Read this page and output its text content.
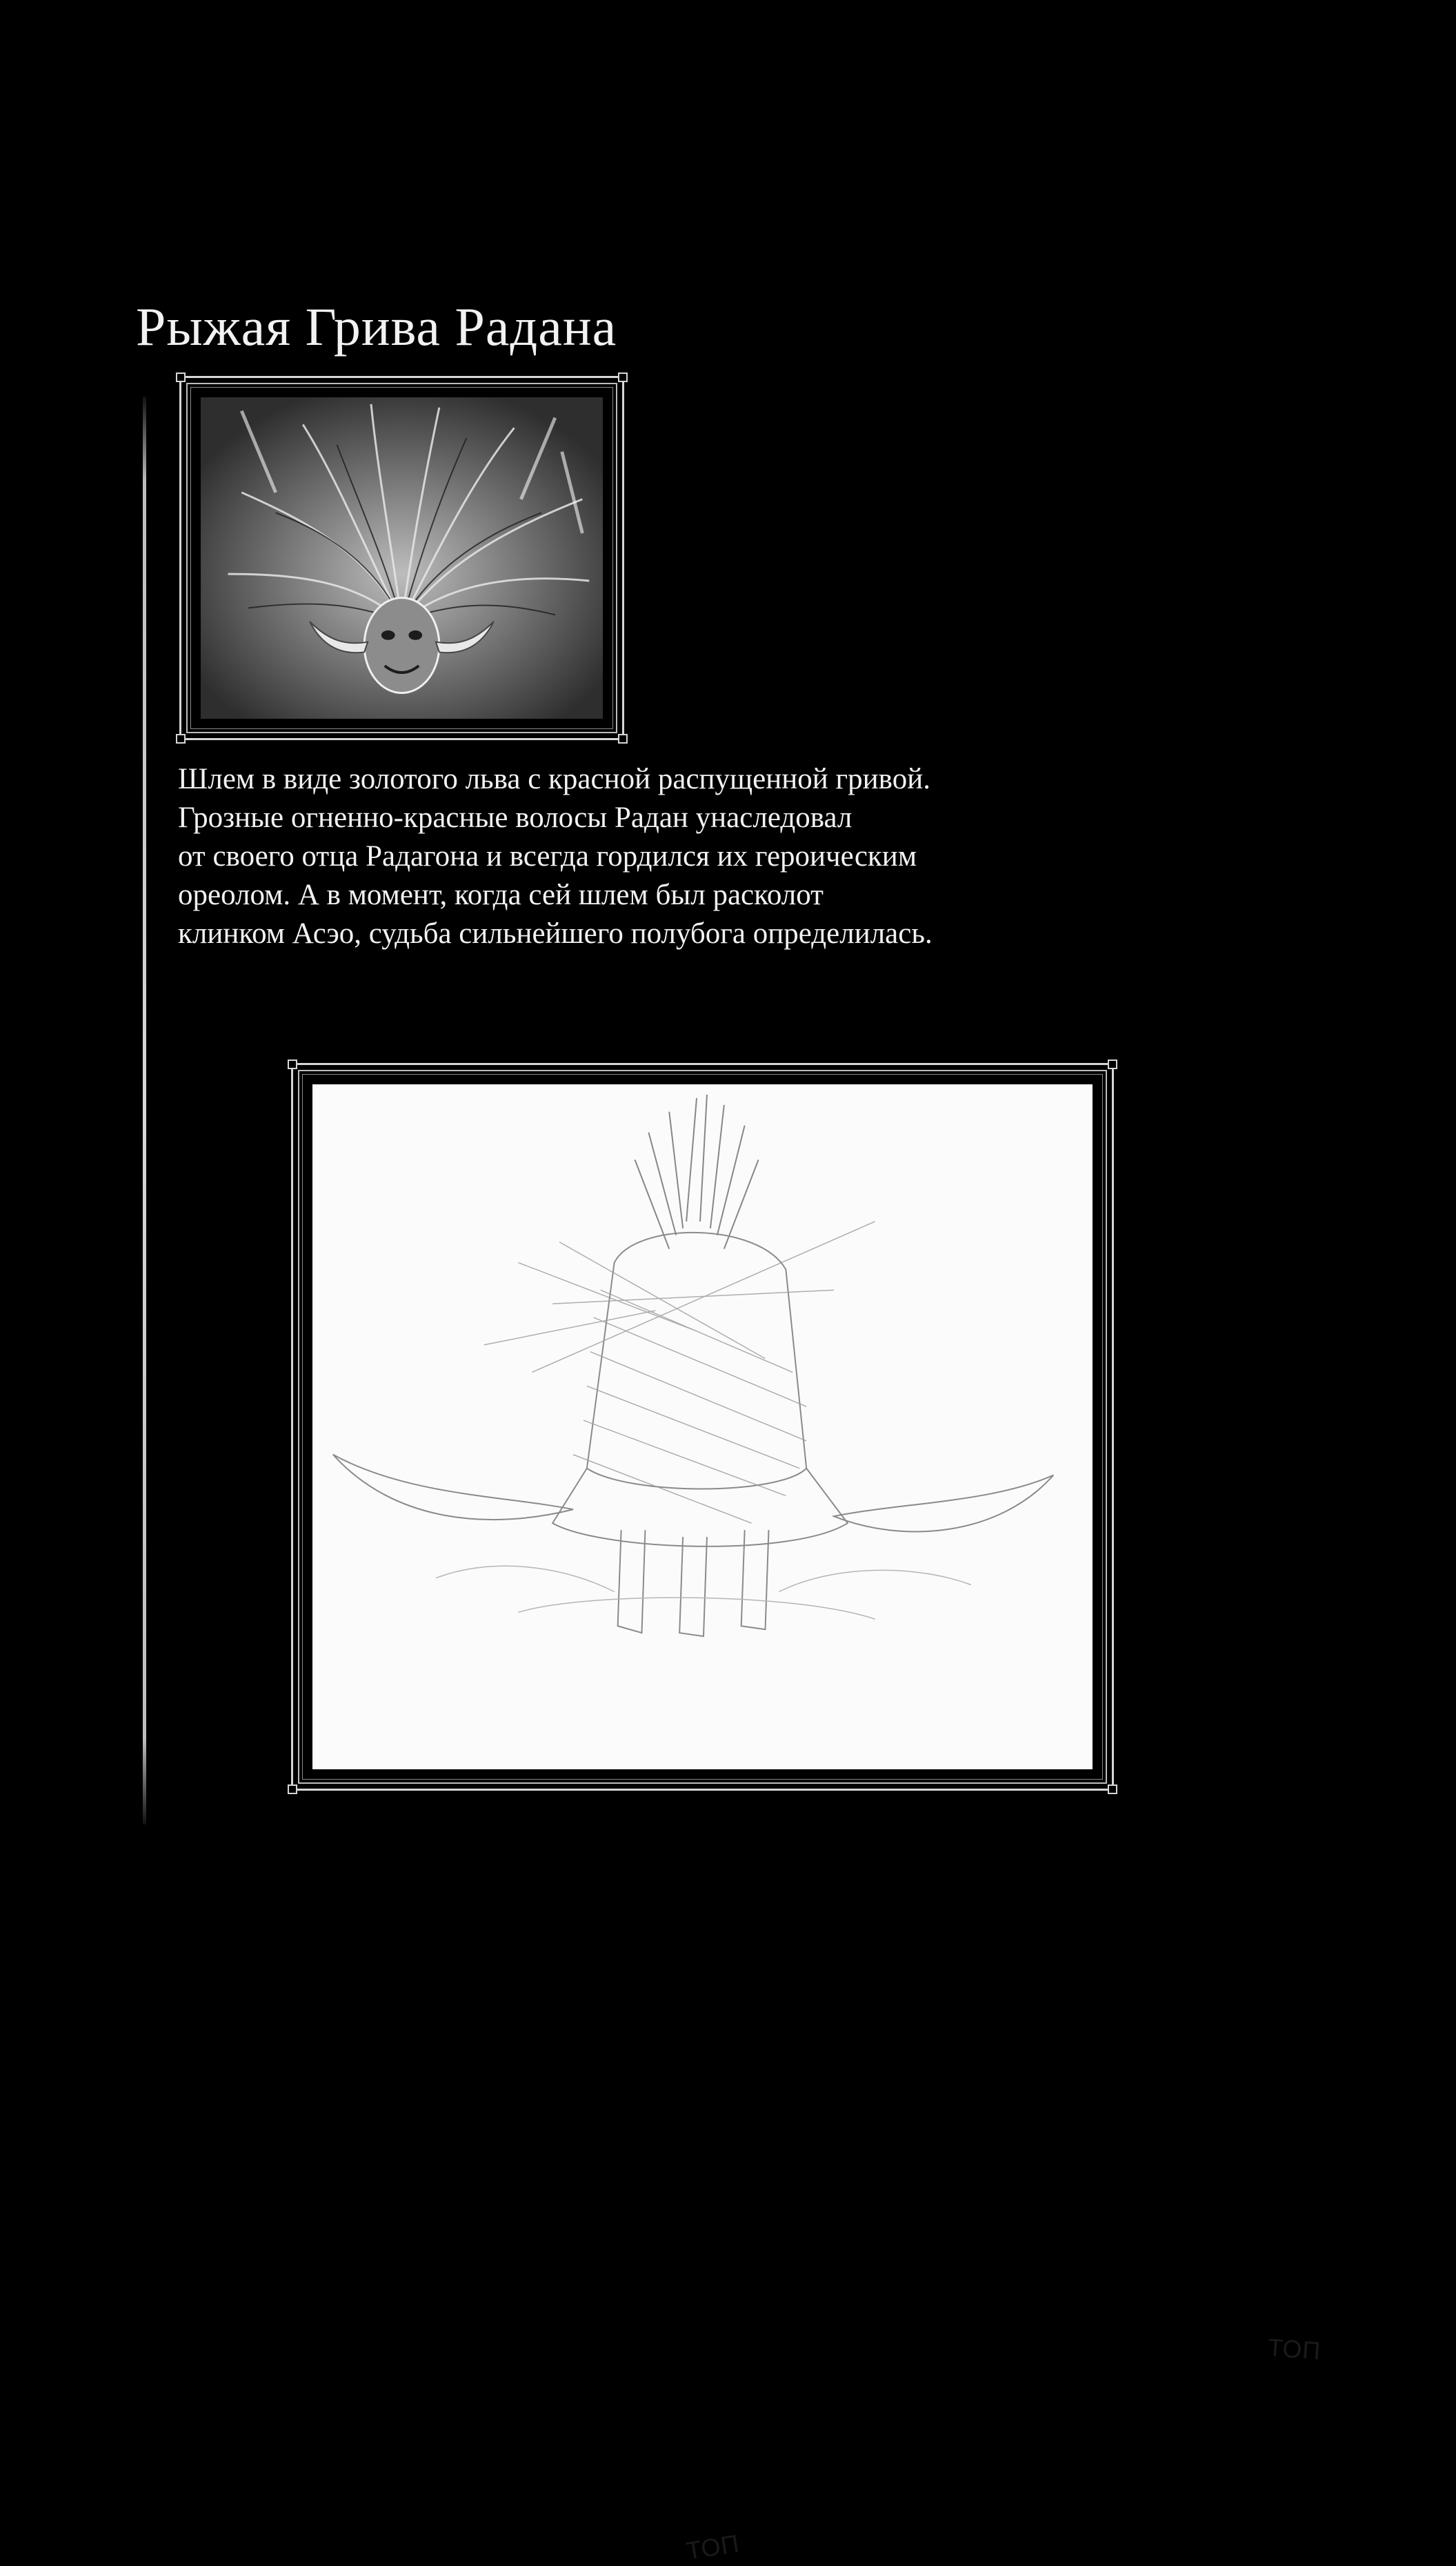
Рыжая Грива Радана
Шлем в виде золотого льва с красной распущенной гривой.
Грозные огненно-красные волосы Радан унаследовал
от своего отца Радагона и всегда гордился их героическим
ореолом. А в момент, когда сей шлем был расколот
клинком Асэо, судьба сильнейшего полубога определилась.
ТОП
ТОП
